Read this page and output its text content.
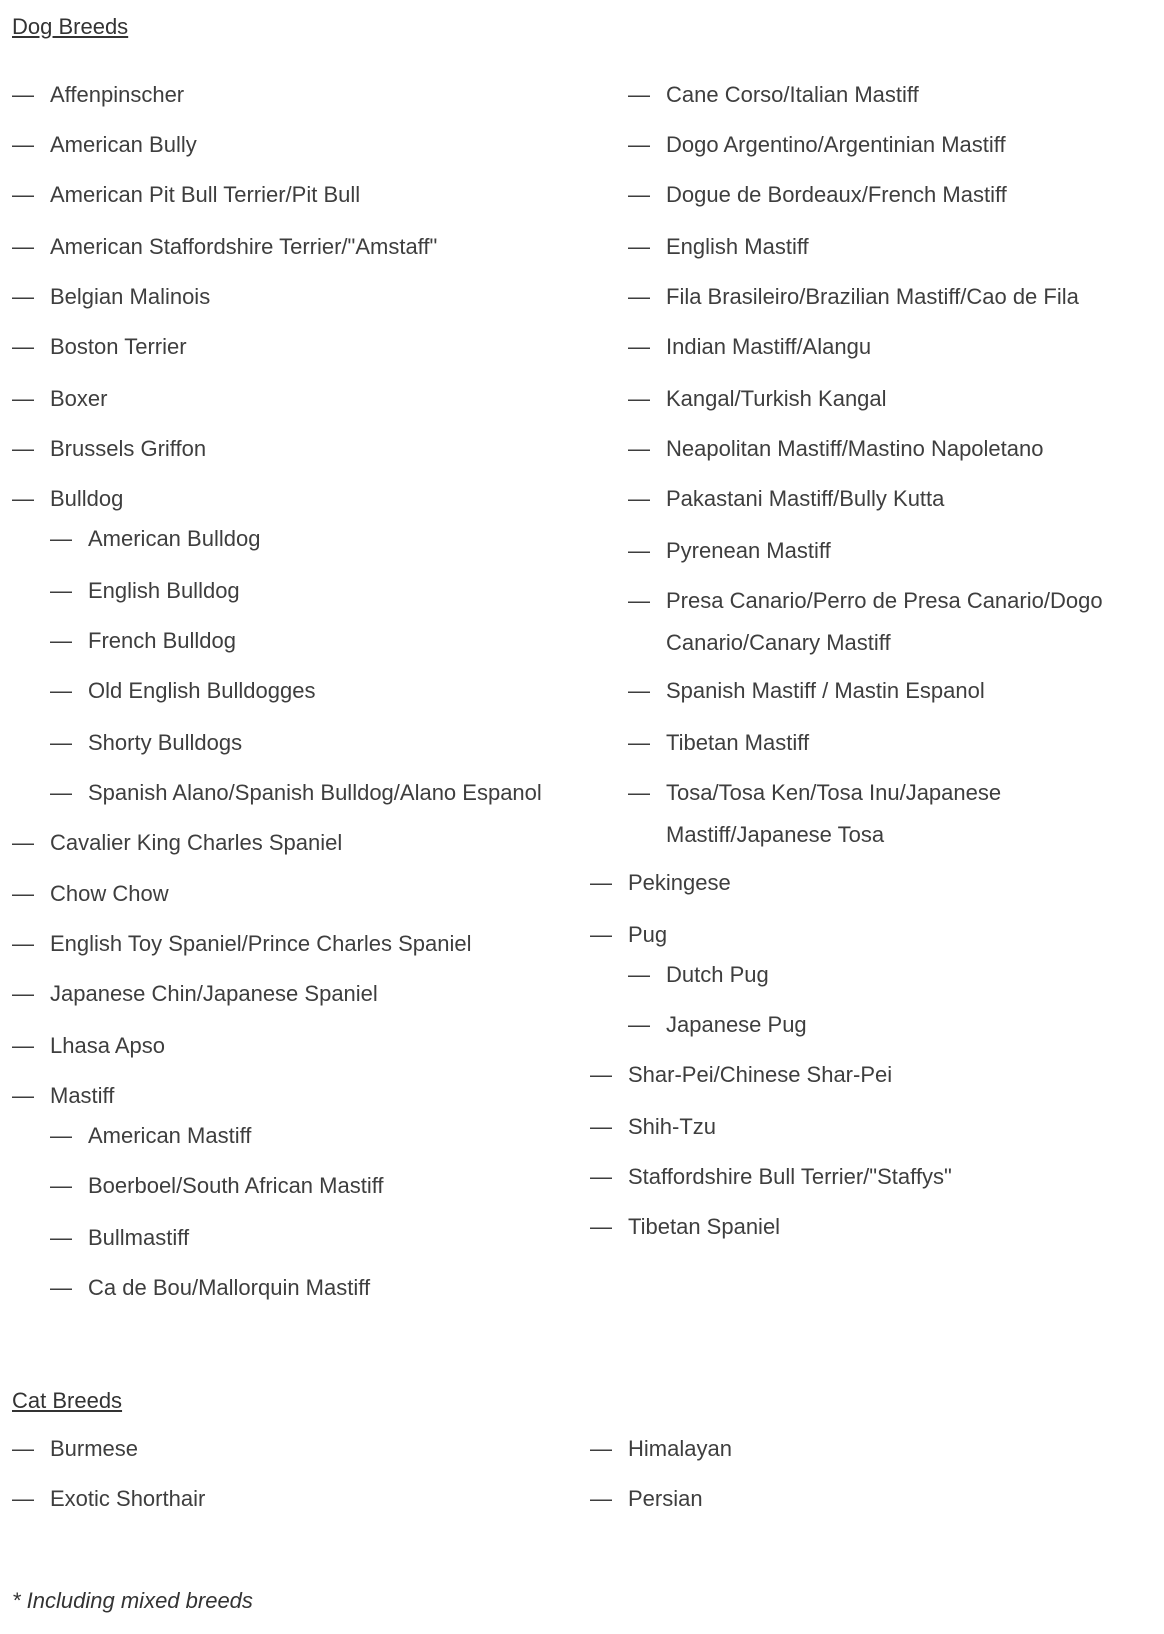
Dog Breeds
— Affenpinscher
— American Bully
— American Pit Bull Terrier/Pit Bull
— American Staffordshire Terrier/"Amstaff"
— Belgian Malinois
— Boston Terrier
— Boxer
— Brussels Griffon
— Bulldog
— American Bulldog
— English Bulldog
— French Bulldog
— Old English Bulldogges
— Shorty Bulldogs
— Spanish Alano/Spanish Bulldog/Alano Espanol
— Cavalier King Charles Spaniel
— Chow Chow
— English Toy Spaniel/Prince Charles Spaniel
— Japanese Chin/Japanese Spaniel
— Lhasa Apso
— Mastiff
— American Mastiff
— Boerboel/South African Mastiff
— Bullmastiff
— Ca de Bou/Mallorquin Mastiff
— Cane Corso/Italian Mastiff
— Dogo Argentino/Argentinian Mastiff
— Dogue de Bordeaux/French Mastiff
— English Mastiff
— Fila Brasileiro/Brazilian Mastiff/Cao de Fila
— Indian Mastiff/Alangu
— Kangal/Turkish Kangal
— Neapolitan Mastiff/Mastino Napoletano
— Pakastani Mastiff/Bully Kutta
— Pyrenean Mastiff
— Presa Canario/Perro de Presa Canario/Dogo Canario/Canary Mastiff
— Spanish Mastiff / Mastin Espanol
— Tibetan Mastiff
— Tosa/Tosa Ken/Tosa Inu/Japanese Mastiff/Japanese Tosa
— Pekingese
— Pug
— Dutch Pug
— Japanese Pug
— Shar-Pei/Chinese Shar-Pei
— Shih-Tzu
— Staffordshire Bull Terrier/"Staffys"
— Tibetan Spaniel
Cat Breeds
— Burmese
— Exotic Shorthair
— Himalayan
— Persian
* Including mixed breeds
